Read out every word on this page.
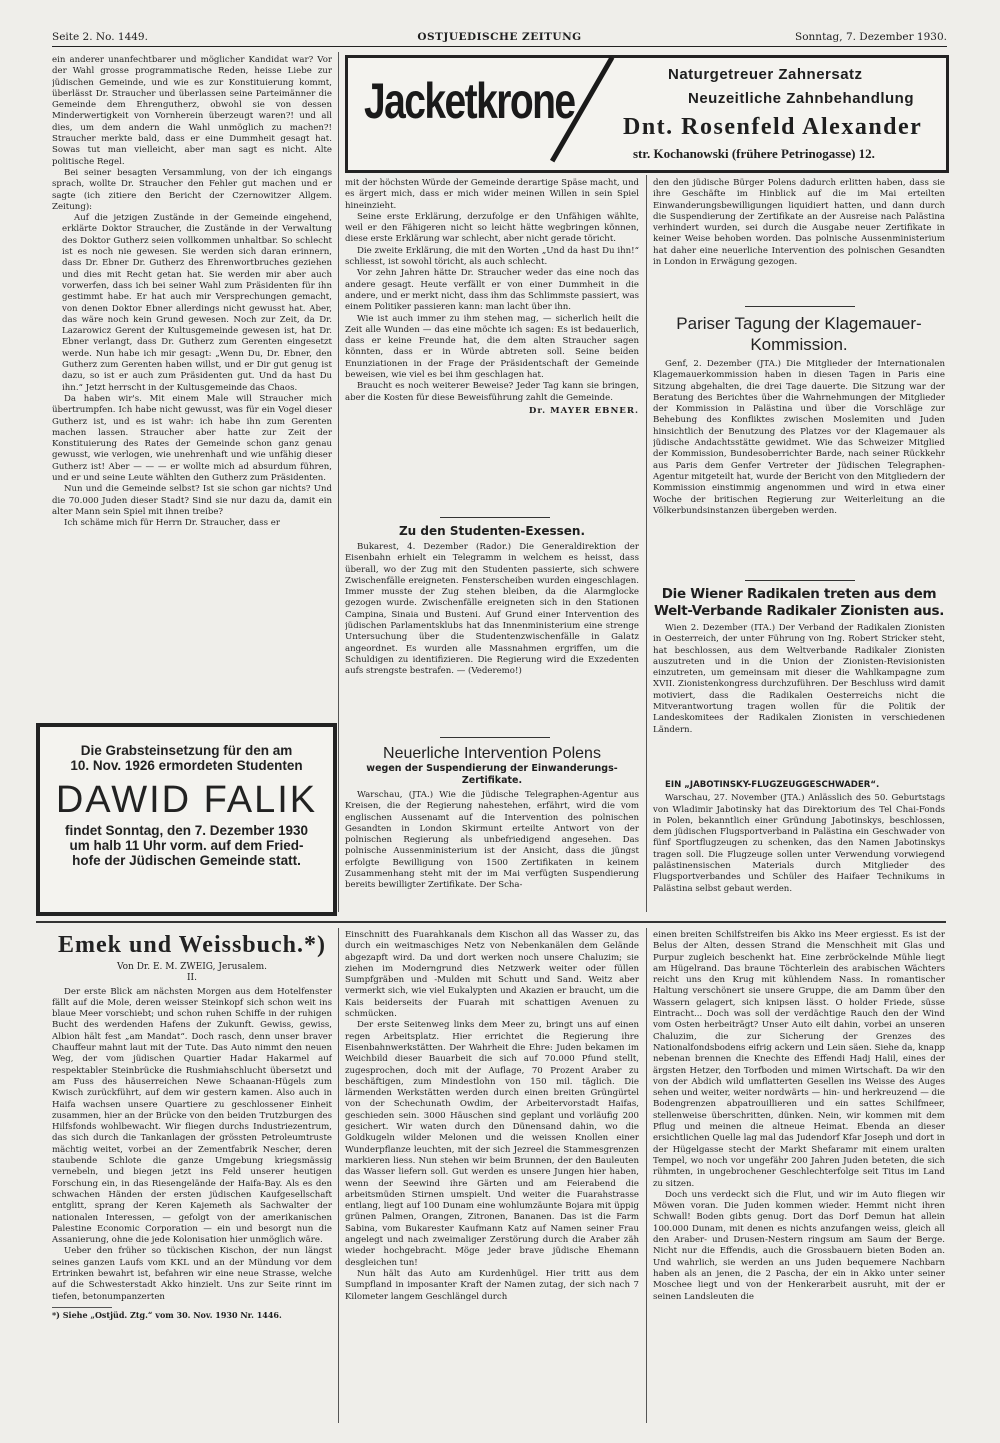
Seite 2. No. 1449.	OSTJUEDISCHE ZEITUNG	Sonntag, 7. Dezember 1930.

ein anderer unanfechtbarer und möglicher Kandidat war? Vor der Wahl grosse programmatische Reden, heisse Liebe zur jüdischen Gemeinde, und wie es zur Konstituierung kommt, überlässt Dr. Straucher und überlassen seine Parteimänner die Gemeinde dem Ehrengutherz, obwohl sie von dessen Minderwertigkeit von Vornherein überzeugt waren?! und all dies, um dem andern die Wahl unmöglich zu machen?! Straucher merkte bald, dass er eine Dummheit gesagt hat. Sowas tut man vielleicht, aber man sagt es nicht. Alte politische Regel.

Bei seiner besagten Versammlung, von der ich eingangs sprach, wollte Dr. Straucher den Fehler gut machen und er sagte (ich zitiere den Bericht der Czernowitzer Allgem. Zeitung):

Auf die jetzigen Zustände in der Gemeinde eingehend, erklärte Doktor Straucher, die Zustände in der Verwaltung des Doktor Gutherz seien vollkommen unhaltbar. So schlecht ist es noch nie gewesen. Sie werden sich daran erinnern, dass Dr. Ebner Dr. Gutherz des Ehrenwortbruches geziehen und dies mit Recht getan hat. Sie werden mir aber auch vorwerfen, dass ich bei seiner Wahl zum Präsidenten für ihn gestimmt habe. Er hat auch mir Versprechungen gemacht, von denen Doktor Ebner allerdings nicht gewusst hat. Aber, das wäre noch kein Grund gewesen. Noch zur Zeit, da Dr. Lazarowicz Gerent der Kultusgemeinde gewesen ist, hat Dr. Ebner verlangt, dass Dr. Gutherz zum Gerenten eingesetzt werde. Nun habe ich mir gesagt: „Wenn Du, Dr. Ebner, den Gutherz zum Gerenten haben willst, und er Dir gut genug ist dazu, so ist er auch zum Präsidenten gut. Und da hast Du ihn.“ Jetzt herrscht in der Kultusgemeinde das Chaos.

Da haben wir's. Mit einem Male will Straucher mich übertrumpfen. Ich habe nicht gewusst, was für ein Vogel dieser Gutherz ist, und es ist wahr: ich habe ihn zum Gerenten machen lassen. Straucher aber hatte zur Zeit der Konstituierung des Rates der Gemeinde schon ganz genau gewusst, wie verlogen, wie unehrenhaft und wie unfähig dieser Gutherz ist! Aber — — — er wollte mich ad absurdum führen, und er und seine Leute wählten den Gutherz zum Präsidenten.

Nun und die Gemeinde selbst? Ist sie schon gar nichts? Und die 70.000 Juden dieser Stadt? Sind sie nur dazu da, damit ein alter Mann sein Spiel mit ihnen treibe?

Ich schäme mich für Herrn Dr. Straucher, dass er

Jacketkrone	Naturgetreuer Zahnersatz
Neuzeitliche Zahnbehandlung
Dnt. Rosenfeld Alexander
str. Kochanowski (frühere Petrinogasse) 12.

mit der höchsten Würde der Gemeinde derartige Späse macht, und es ärgert mich, dass er mich wider meinen Willen in sein Spiel hineinzieht.

Seine erste Erklärung, derzufolge er den Unfähigen wählte, weil er den Fähigeren nicht so leicht hätte wegbringen können, diese erste Erklärung war schlecht, aber nicht gerade töricht.

Die zweite Erklärung, die mit den Worten „Und da hast Du ihn!“ schliesst, ist sowohl töricht, als auch schlecht.

Vor zehn Jahren hätte Dr. Straucher weder das eine noch das andere gesagt. Heute verfällt er von einer Dummheit in die andere, und er merkt nicht, dass ihm das Schlimmste passiert, was einem Politiker passieren kann: man lacht über ihn.

Wie ist auch immer zu ihm stehen mag, — sicherlich heilt die Zeit alle Wunden — das eine möchte ich sagen: Es ist bedauerlich, dass er keine Freunde hat, die dem alten Straucher sagen könnten, dass er in Würde abtreten soll. Seine beiden Enunziationen in der Frage der Präsidentschaft der Gemeinde beweisen, wie viel es bei ihm geschlagen hat.

Braucht es noch weiterer Beweise? Jeder Tag kann sie bringen, aber die Kosten für diese Beweisführung zahlt die Gemeinde.

Dr. MAYER EBNER.
Zu den Studenten-Exessen.

Bukarest, 4. Dezember (Rador.) Die Generaldirektion der Eisenbahn erhielt ein Telegramm in welchem es heisst, dass überall, wo der Zug mit den Studenten passierte, sich schwere Zwischenfälle ereigneten. Fensterscheiben wurden eingeschlagen. Immer musste der Zug stehen bleiben, da die Alarmglocke gezogen wurde. Zwischenfälle ereigneten sich in den Stationen Campina, Sinaia und Busteni. Auf Grund einer Intervention des jüdischen Parlamentsklubs hat das Innenministerium eine strenge Untersuchung über die Studentenzwischenfälle in Galatz angeordnet. Es wurden alle Massnahmen ergriffen, um die Schuldigen zu identifizieren. Die Regierung wird die Exzedenten aufs strengste bestrafen. — (Vederemo!)

Neuerliche Intervention Polens
wegen der Suspendierung der Einwanderungs-Zertifikate.

Warschau, (JTA.) Wie die Jüdische Telegraphen-Agentur aus Kreisen, die der Regierung nahestehen, erfährt, wird die vom englischen Aussenamt auf die Intervention des polnischen Gesandten in London Skirmunt erteilte Antwort von der polnischen Regierung als unbefriedigend angesehen. Das polnische Aussenministerium ist der Ansicht, dass die jüngst erfolgte Bewilligung von 1500 Zertifikaten in keinem Zusammenhang steht mit der im Mai verfügten Suspendierung bereits bewilligter Zertifikate. Der Scha-

den den jüdische Bürger Polens dadurch erlitten haben, dass sie ihre Geschäfte im Hinblick auf die im Mai erteilten Einwanderungsbewilligungen liquidiert hatten, und dann durch die Suspendierung der Zertifikate an der Ausreise nach Palästina verhindert wurden, sei durch die Ausgabe neuer Zertifikate in keiner Weise behoben worden. Das polnische Aussenministerium hat daher eine neuerliche Intervention des polnischen Gesandten in London in Erwägung gezogen.

Pariser Tagung der Klagemauer-Kommission.

Genf, 2. Dezember (JTA.) Die Mitglieder der Internationalen Klagemauerkommission haben in diesen Tagen in Paris eine Sitzung abgehalten, die drei Tage dauerte. Die Sitzung war der Beratung des Berichtes über die Wahrnehmungen der Mitglieder der Kommission in Palästina und über die Vorschläge zur Behebung des Konfliktes zwischen Moslemiten und Juden hinsichtlich der Benutzung des Platzes vor der Klagemauer als jüdische Andachtsstätte gewidmet. Wie das Schweizer Mitglied der Kommission, Bundesoberrichter Barde, nach seiner Rückkehr aus Paris dem Genfer Vertreter der Jüdischen Telegraphen-Agentur mitgeteilt hat, wurde der Bericht von den Mitgliedern der Kommission einstimmig angenommen und wird in etwa einer Woche der britischen Regierung zur Weiterleitung an die Völkerbundsinstanzen übergeben werden.

Die Wiener Radikalen treten aus dem Welt-Verbande Radikaler Zionisten aus.

Wien 2. Dezember (ITA.) Der Verband der Radikalen Zionisten in Oesterreich, der unter Führung von Ing. Robert Stricker steht, hat beschlossen, aus dem Weltverbande Radikaler Zionisten auszutreten und in die Union der Zionisten-Revisionisten einzutreten, um gemeinsam mit dieser die Wahlkampagne zum XVII. Zionistenkongress durchzuführen. Der Beschluss wird damit motiviert, dass die Radikalen Oesterreichs nicht die Mitverantwortung tragen wollen für die Politik der Landeskomitees der Radikalen Zionisten in verschiedenen Ländern.

EIN „JABOTINSKY-FLUGZEUGGESCHWADER“.

Warschau, 27. November (JTA.) Anlässlich des 50. Geburtstags von Wladimir Jabotinsky hat das Direktorium des Tel Chai-Fonds in Polen, bekanntlich einer Gründung Jabotinskys, beschlossen, dem jüdischen Flugsportverband in Palästina ein Geschwader von fünf Sportflugzeugen zu schenken, das den Namen Jabotinskys tragen soll. Die Flugzeuge sollen unter Verwendung vorwiegend palästinensischen Materials durch Mitglieder des Flugsportverbandes und Schüler des Haifaer Technikums in Palästina selbst gebaut werden.

Die Grabsteinsetzung für den am
10. Nov. 1926 ermordeten Studenten
DAWID FALIK
findet Sonntag, den 7. Dezember 1930
um halb 11 Uhr vorm. auf dem Fried-
hofe der Jüdischen Gemeinde statt.
Emek und Weissbuch.*)
Von Dr. E. M. ZWEIG, Jerusalem.
II.

Der erste Blick am nächsten Morgen aus dem Hotelfenster fällt auf die Mole, deren weisser Steinkopf sich schon weit ins blaue Meer vorschiebt; und schon ruhen Schiffe in der ruhigen Bucht des werdenden Hafens der Zukunft. Gewiss, gewiss, Albion hält fest „am Mandat“. Doch rasch, denn unser braver Chauffeur mahnt laut mit der Tute. Das Auto nimmt den neuen Weg, der vom jüdischen Quartier Hadar Hakarmel auf respektabler Steinbrücke die Rushmiahschlucht übersetzt und am Fuss des häuserreichen Newe Schaanan-Hügels zum Kwisch zurückführt, auf dem wir gestern kamen. Also auch in Haifa wachsen unsere Quartiere zu geschlossener Einheit zusammen, hier an der Brücke von den beiden Trutzburgen des Hilfsfonds wohlbewacht. Wir fliegen durchs Industriezentrum, das sich durch die Tankanlagen der grössten Petroleumtruste mächtig weitet, vorbei an der Zementfabrik Nescher, deren staubende Schlote die ganze Umgebung kriegsmässig vernebeln, und biegen jetzt ins Feld unserer heutigen Forschung ein, in das Riesengelände der Haifa-Bay. Als es den schwachen Händen der ersten jüdischen Kaufgesellschaft entglitt, sprang der Keren Kajemeth als Sachwalter der nationalen Interessen, — gefolgt von der amerikanischen Palestine Economic Corporation — ein und besorgt nun die Assanierung, ohne die jede Kolonisation hier unmöglich wäre.

Ueber den früher so tückischen Kischon, der nun längst seines ganzen Laufs vom KKL und an der Mündung vor dem Ertrinken bewahrt ist, befahren wir eine neue Strasse, welche auf die Schwesterstadt Akko hinzielt. Uns zur Seite rinnt im tiefen, betonumpanzerten

*) Siehe „Ostjüd. Ztg.“ vom 30. Nov. 1930 Nr. 1446.

Einschnitt des Fuarahkanals dem Kischon all das Wasser zu, das durch ein weitmaschiges Netz von Nebenkanälen dem Gelände abgezapft wird. Da und dort werken noch unsere Chaluzim; sie ziehen im Moderngrund dies Netzwerk weiter oder füllen Sumpfgräben und -Mulden mit Schutt und Sand. Weitz aber vermerkt sich, wie viel Eukalypten und Akazien er braucht, um die Kais beiderseits der Fuarah mit schattigen Avenuen zu schmücken.

Der erste Seitenweg links dem Meer zu, bringt uns auf einen regen Arbeitsplatz. Hier errichtet die Regierung ihre Eisenbahnwerkstätten. Der Wahrheit die Ehre: Juden bekamen im Weichbild dieser Bauarbeit die sich auf 70.000 Pfund stellt, zugesprochen, doch mit der Auflage, 70 Prozent Araber zu beschäftigen, zum Mindestlohn von 150 mil. täglich. Die lärmenden Werkstätten werden durch einen breiten Grüngürtel von der Schechunath Owdim, der Arbeitervorstadt Haifas, geschieden sein. 3000 Häuschen sind geplant und vorläufig 200 gesichert. Wir waten durch den Dünensand dahin, wo die Goldkugeln wilder Melonen und die weissen Knollen einer Wunderpflanze leuchten, mit der sich Jezreel die Stammesgrenzen markieren liess. Nun stehen wir beim Brunnen, der den Bauleuten das Wasser liefern soll. Gut werden es unsere Jungen hier haben, wenn der Seewind ihre Gärten und am Feierabend die arbeitsmüden Stirnen umspielt. Und weiter die Fuarahstrasse entlang, liegt auf 100 Dunam eine wohlumzäunte Bojara mit üppig grünen Palmen, Orangen, Zitronen, Bananen. Das ist die Farm Sabina, vom Bukarester Kaufmann Katz auf Namen seiner Frau angelegt und nach zweimaliger Zerstörung durch die Araber zäh wieder hochgebracht. Möge jeder brave jüdische Ehemann desgleichen tun!

Nun hält das Auto am Kurdenhügel. Hier tritt aus dem Sumpfland in imposanter Kraft der Namen zutag, der sich nach 7 Kilometer langem Geschlängel durch

einen breiten Schilfstreifen bis Akko ins Meer ergiesst. Es ist der Belus der Alten, dessen Strand die Menschheit mit Glas und Purpur zugleich beschenkt hat. Eine zerbröckelnde Mühle liegt am Hügelrand. Das braune Töchterlein des arabischen Wächters reicht uns den Krug mit kühlendem Nass. In romantischer Haltung verschönert sie unsere Gruppe, die am Damm über den Wassern gelagert, sich knipsen lässt. O holder Friede, süsse Eintracht... Doch was soll der verdächtige Rauch den der Wind vom Osten herbeiträgt? Unser Auto eilt dahin, vorbei an unseren Chaluzim, die zur Sicherung der Grenzes des Nationalfondsbodens eifrig ackern und Lein säen. Siehe da, knapp nebenan brennen die Knechte des Effendi Hadj Halil, eines der ärgsten Hetzer, den Torfboden und mimen Wirtschaft. Da wir den von der Abdich wild umflatterten Gesellen ins Weisse des Auges sehen und weiter, weiter nordwärts — hin- und herkreuzend — die Bodengrenzen abpatrouillieren und ein sattes Schilfmeer, stellenweise überschritten, dünken. Nein, wir kommen mit dem Pflug und meinen die altneue Heimat. Ebenda an dieser ersichtlichen Quelle lag mal das Judendorf Kfar Joseph und dort in der Hügelgasse stecht der Markt Shefaramr mit einem uralten Tempel, wo noch vor ungefähr 200 Jahren Juden beteten, die sich rühmten, in ungebrochener Geschlechterfolge seit Titus im Land zu sitzen.

Doch uns verdeckt sich die Flut, und wir im Auto fliegen wir Möwen voran. Die Juden kommen wieder. Hemmt nicht ihren Schwall! Boden gibts genug. Dort das Dorf Demun hat allein 100.000 Dunam, mit denen es nichts anzufangen weiss, gleich all den Araber- und Drusen-Nestern ringsum am Saum der Berge. Nicht nur die Effendis, auch die Grossbauern bieten Boden an. Und wahrlich, sie werden an uns Juden bequemere Nachbarn haben als an jenen, die 2 Pascha, der ein in Akko unter seiner Moschee liegt und von der Henkerarbeit ausruht, mit der er seinen Landsleuten die
